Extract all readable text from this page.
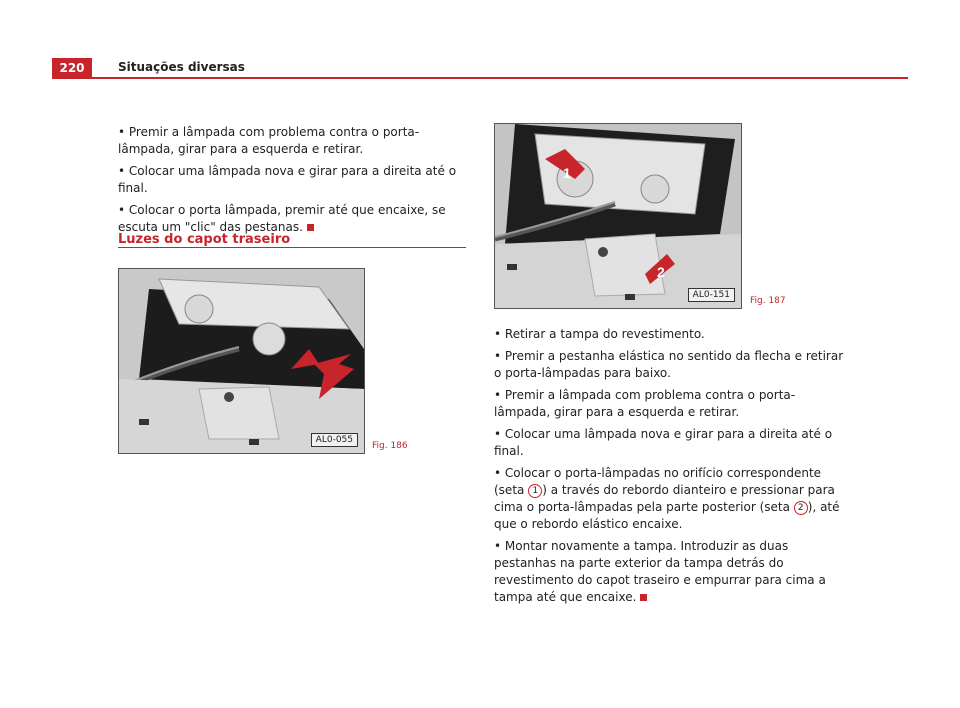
220	Situações diversas

• Premir a lâmpada com problema contra o porta-lâmpada, girar para a esquerda e retirar.

• Colocar uma lâmpada nova e girar para a direita até o final.

• Colocar o porta lâmpada, premir até que encaixe, se escuta um "clic" das pestanas.

Luzes do capot traseiro
AL0-055
Fig. 186
1
2
AL0-151
Fig. 187

• Retirar a tampa do revestimento.

• Premir a pestanha elástica no sentido da flecha e retirar o porta-lâmpadas para baixo.

• Premir a lâmpada com problema contra o porta-lâmpada, girar para a esquerda e retirar.

• Colocar uma lâmpada nova e girar para a direita até o final.

• Colocar o porta-lâmpadas no orifício correspondente (seta 1 ) a través do rebordo dianteiro e pressionar para cima o porta-lâmpadas pela parte posterior (seta 2 ), até que o rebordo elástico encaixe.

• Montar novamente a tampa. Introduzir as duas pestanhas na parte exterior da tampa detrás do revestimento do capot traseiro e empurrar para cima a tampa até que encaixe.
